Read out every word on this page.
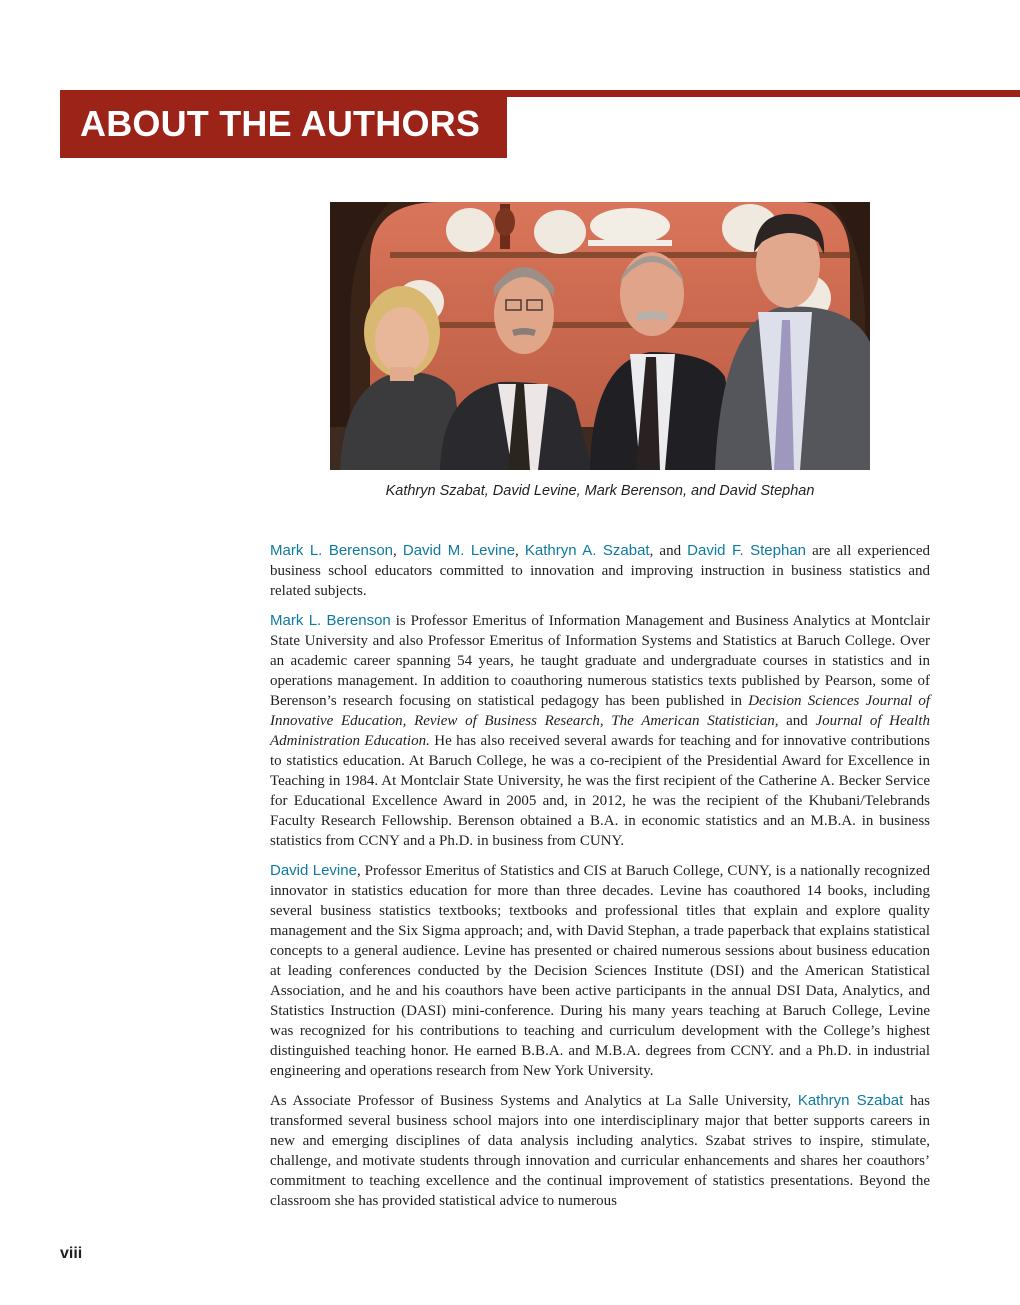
ABOUT THE AUTHORS
Kathryn Szabat, David Levine, Mark Berenson, and David Stephan

Mark L. Berenson, David M. Levine, Kathryn A. Szabat, and David F. Stephan are all experienced business school educators committed to innovation and improving instruction in business statistics and related subjects.

Mark L. Berenson is Professor Emeritus of Information Management and Business Analytics at Montclair State University and also Professor Emeritus of Information Systems and Statistics at Baruch College. Over an academic career spanning 54 years, he taught graduate and undergraduate courses in statistics and in operations management. In addition to coauthoring numerous statistics texts published by Pearson, some of Berenson’s research focusing on statistical pedagogy has been published in Decision Sciences Journal of Innovative Education, Review of Business Research, The American Statistician, and Journal of Health Administration Education. He has also received several awards for teaching and for innovative contributions to statistics education. At Baruch College, he was a co-recipient of the Presidential Award for Excellence in Teaching in 1984. At Montclair State University, he was the first recipient of the Catherine A. Becker Service for Educational Excellence Award in 2005 and, in 2012, he was the recipient of the Khubani/Telebrands Faculty Research Fellowship. Berenson obtained a B.A. in economic statistics and an M.B.A. in business statistics from CCNY and a Ph.D. in business from CUNY.

David Levine, Professor Emeritus of Statistics and CIS at Baruch College, CUNY, is a nationally recognized innovator in statistics education for more than three decades. Levine has coauthored 14 books, including several business statistics textbooks; textbooks and professional titles that explain and explore quality management and the Six Sigma approach; and, with David Stephan, a trade paperback that explains statistical concepts to a general audience. Levine has presented or chaired numerous sessions about business education at leading conferences conducted by the Decision Sciences Institute (DSI) and the American Statistical Association, and he and his coauthors have been active participants in the annual DSI Data, Analytics, and Statistics Instruction (DASI) mini-conference. During his many years teaching at Baruch College, Levine was recognized for his contributions to teaching and curriculum development with the College’s highest distinguished teaching honor. He earned B.B.A. and M.B.A. degrees from CCNY. and a Ph.D. in industrial engineering and operations research from New York University.

As Associate Professor of Business Systems and Analytics at La Salle University, Kathryn Szabat has transformed several business school majors into one interdisciplinary major that better supports careers in new and emerging disciplines of data analysis including analytics. Szabat strives to inspire, stimulate, challenge, and motivate students through innovation and curricular enhancements and shares her coauthors’ commitment to teaching excellence and the continual improvement of statistics presentations. Beyond the classroom she has provided statistical advice to numerous

viii
